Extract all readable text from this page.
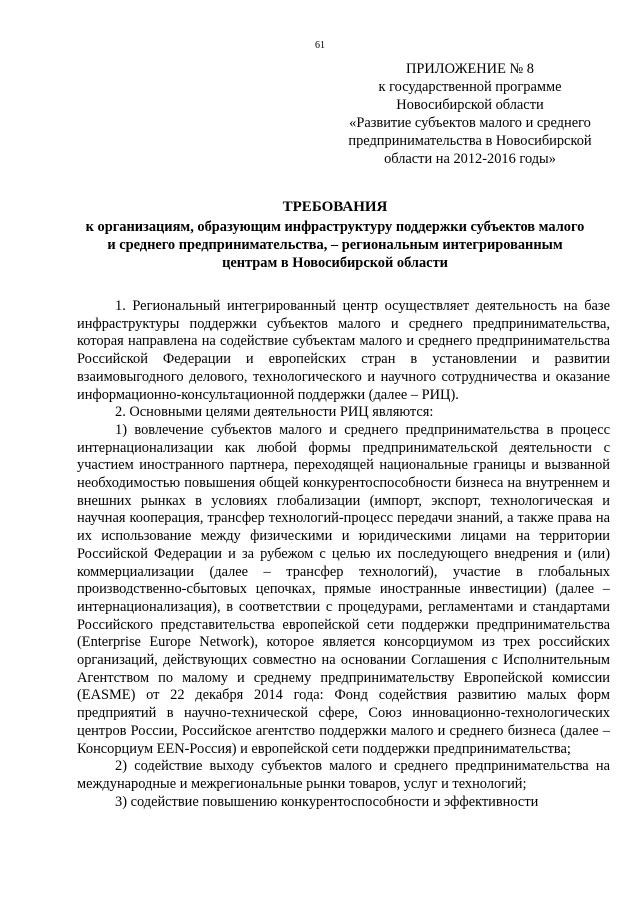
61
ПРИЛОЖЕНИЕ № 8
к государственной программе
Новосибирской области
«Развитие субъектов малого и среднего
предпринимательства в Новосибирской
области на 2012-2016 годы»
ТРЕБОВАНИЯ
к организациям, образующим инфраструктуру поддержки субъектов малого
и среднего предпринимательства, – региональным интегрированным
центрам в Новосибирской области

1. Региональный интегрированный центр осуществляет деятельность на базе инфраструктуры поддержки субъектов малого и среднего предпринимательства, которая направлена на содействие субъектам малого и среднего предпринимательства Российской Федерации и европейских стран в установлении и развитии взаимовыгодного делового, технологического и научного сотрудничества и оказание информационно-консультационной поддержки (далее – РИЦ).

2. Основными целями деятельности РИЦ являются:

1) вовлечение субъектов малого и среднего предпринимательства в процесс интернационализации как любой формы предпринимательской деятельности с участием иностранного партнера, переходящей национальные границы и вызванной необходимостью повышения общей конкурентоспособности бизнеса на внутреннем и внешних рынках в условиях глобализации (импорт, экспорт, технологическая и научная кооперация, трансфер технологий-процесс передачи знаний, а также права на их использование между физическими и юридическими лицами на территории Российской Федерации и за рубежом с целью их последующего внедрения и (или) коммерциализации (далее – трансфер технологий), участие в глобальных производственно-сбытовых цепочках, прямые иностранные инвестиции) (далее – интернационализация), в соответствии с процедурами, регламентами и стандартами Российского представительства европейской сети поддержки предпринимательства (Enterprise Europe Network), которое является консорциумом из трех российских организаций, действующих совместно на основании Соглашения с Исполнительным Агентством по малому и среднему предпринимательству Европейской комиссии (EASME) от 22 декабря 2014 года: Фонд содействия развитию малых форм предприятий в научно-технической сфере, Союз инновационно-технологических центров России, Российское агентство поддержки малого и среднего бизнеса (далее – Консорциум EEN-Россия) и европейской сети поддержки предпринимательства;

2) содействие выходу субъектов малого и среднего предпринимательства на международные и межрегиональные рынки товаров, услуг и технологий;

3) содействие повышению конкурентоспособности и эффективности
